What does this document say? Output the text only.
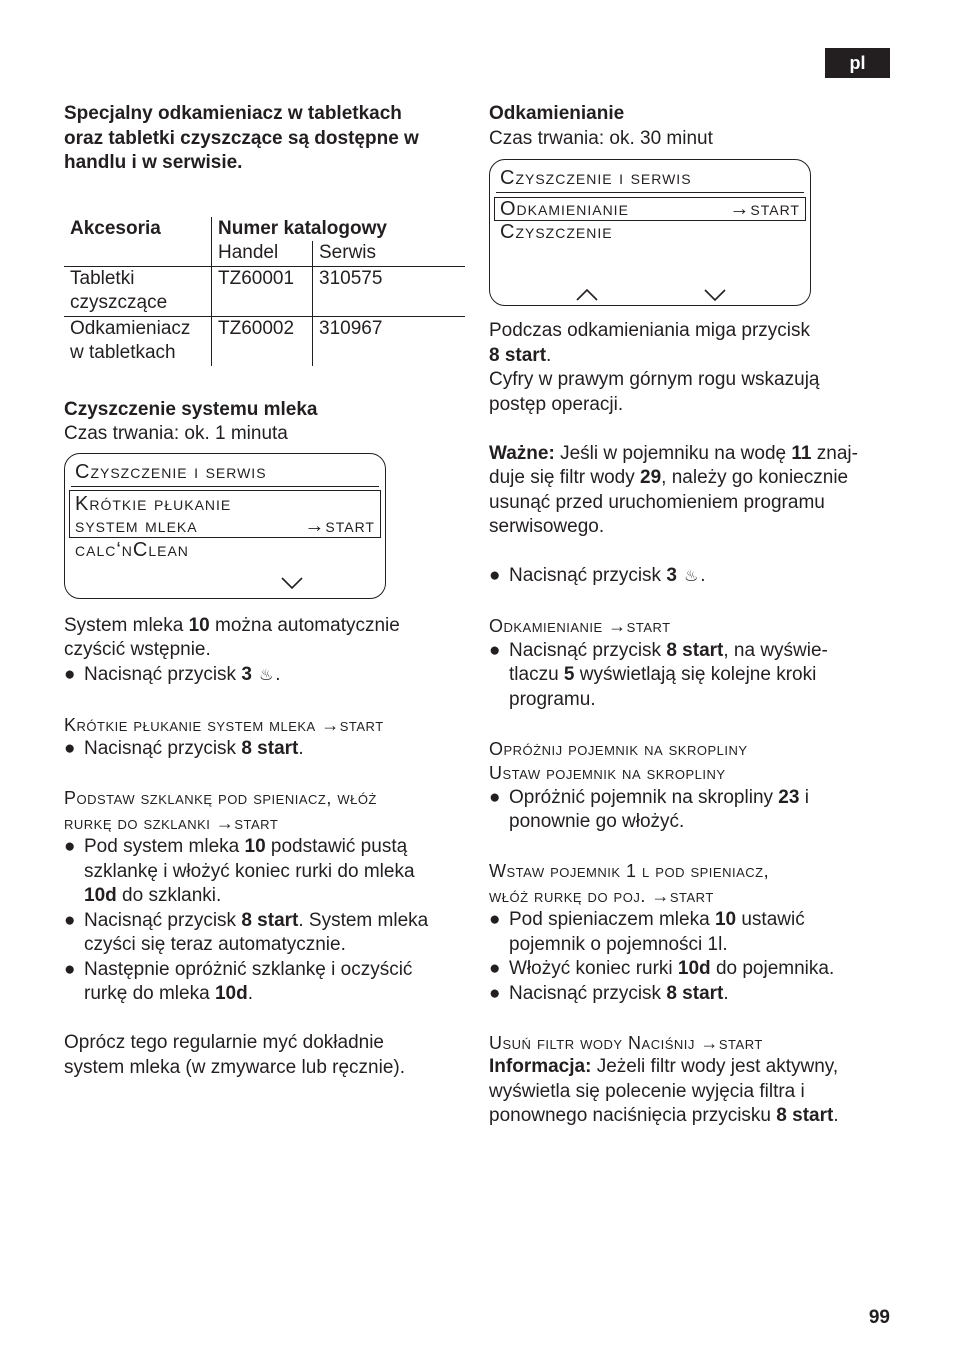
pl

Specjalny odkamieniacz w tabletkach
oraz tabletki czyszczące są dostępne w
handlu i w serwisie.

Akcesoria	Numer katalogowy	
	Handel	Serwis
Tabletki
czyszczące	TZ60001	310575
Odkamieniacz
w tabletkach	TZ60002	310967

Czyszczenie systemu mleka

Czas trwania: ok. 1 minuta

Czyszczenie i serwis
Krótkie płukanie
system mleka	→start
calc‘nClean

System mleka 10 można automatycznie
czyścić wstępnie.

● Nacisnąć przycisk 3 ♨.

Krótkie płukanie system mleka →start

● Nacisnąć przycisk 8 start.

Podstaw szklankę pod spieniacz, włóż
rurkę do szklanki →start

● Pod system mleka 10 podstawić pustą
szklankę i włożyć koniec rurki do mleka
10d do szklanki.
● Nacisnąć przycisk 8 start. System mleka
czyści się teraz automatycznie.
● Następnie opróżnić szklankę i oczyścić
rurkę do mleka 10d.

Oprócz tego regularnie myć dokładnie
system mleka (w zmywarce lub ręcznie).

Odkamienianie

Czas trwania: ok. 30 minut

Czyszczenie i serwis
Odkamienianie	→start
Czyszczenie

Podczas odkamieniania miga przycisk
8 start.
Cyfry w prawym górnym rogu wskazują
postęp operacji.

Ważne: Jeśli w pojemniku na wodę 11 znaj-
duje się filtr wody 29, należy go koniecznie
usunąć przed uruchomieniem programu
serwisowego.

● Nacisnąć przycisk 3 ♨.

Odkamienianie →start

● Nacisnąć przycisk 8 start, na wyświe-
tlaczu 5 wyświetlają się kolejne kroki
programu.

Opróżnij pojemnik na skropliny
Ustaw pojemnik na skropliny

● Opróżnić pojemnik na skropliny 23 i
ponownie go włożyć.

Wstaw pojemnik 1 l pod spieniacz,
włóż rurkę do poj. →start

● Pod spieniaczem mleka 10 ustawić
pojemnik o pojemności 1l.
● Włożyć koniec rurki 10d do pojemnika.
● Nacisnąć przycisk 8 start.

Usuń filtr wody Naciśnij →start

Informacja: Jeżeli filtr wody jest aktywny,
wyświetla się polecenie wyjęcia filtra i
ponownego naciśnięcia przycisku 8 start.

99
